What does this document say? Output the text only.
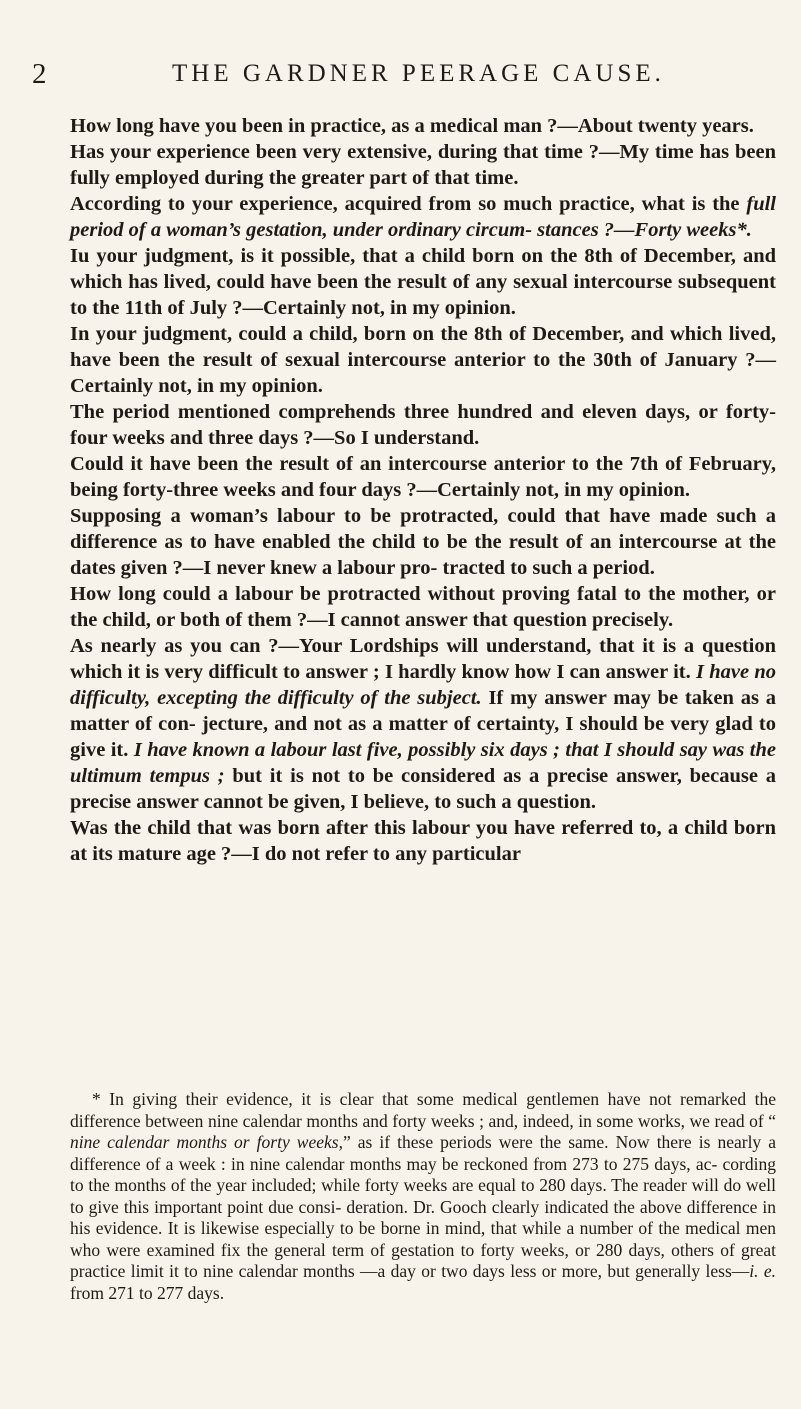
2	THE GARDNER PEERAGE CAUSE.

How long have you been in practice, as a medical man ?—About twenty years.

Has your experience been very extensive, during that time ?—My time has been fully employed during the greater part of that time.

According to your experience, acquired from so much practice, what is the full period of a woman’s gestation, under ordinary circum- stances ?—Forty weeks*.

Iu your judgment, is it possible, that a child born on the 8th of December, and which has lived, could have been the result of any sexual intercourse subsequent to the 11th of July ?—Certainly not, in my opinion.

In your judgment, could a child, born on the 8th of December, and which lived, have been the result of sexual intercourse anterior to the 30th of January ?—Certainly not, in my opinion.

The period mentioned comprehends three hundred and eleven days, or forty-four weeks and three days ?—So I understand.

Could it have been the result of an intercourse anterior to the 7th of February, being forty-three weeks and four days ?—Certainly not, in my opinion.

Supposing a woman’s labour to be protracted, could that have made such a difference as to have enabled the child to be the result of an intercourse at the dates given ?—I never knew a labour pro- tracted to such a period.

How long could a labour be protracted without proving fatal to the mother, or the child, or both of them ?—I cannot answer that question precisely.

As nearly as you can ?—Your Lordships will understand, that it is a question which it is very difficult to answer ; I hardly know how I can answer it. I have no difficulty, excepting the difficulty of the subject. If my answer may be taken as a matter of con- jecture, and not as a matter of certainty, I should be very glad to give it. I have known a labour last five, possibly six days ; that I should say was the ultimum tempus ; but it is not to be considered as a precise answer, because a precise answer cannot be given, I believe, to such a question.

Was the child that was born after this labour you have referred to, a child born at its mature age ?—I do not refer to any particular

* In giving their evidence, it is clear that some medical gentlemen have not remarked the difference between nine calendar months and forty weeks ; and, indeed, in some works, we read of “ nine calendar months or forty weeks,” as if these periods were the same. Now there is nearly a difference of a week : in nine calendar months may be reckoned from 273 to 275 days, ac- cording to the months of the year included; while forty weeks are equal to 280 days. The reader will do well to give this important point due consi- deration. Dr. Gooch clearly indicated the above difference in his evidence. It is likewise especially to be borne in mind, that while a number of the medical men who were examined fix the general term of gestation to forty weeks, or 280 days, others of great practice limit it to nine calendar months —a day or two days less or more, but generally less—i. e. from 271 to 277 days.
